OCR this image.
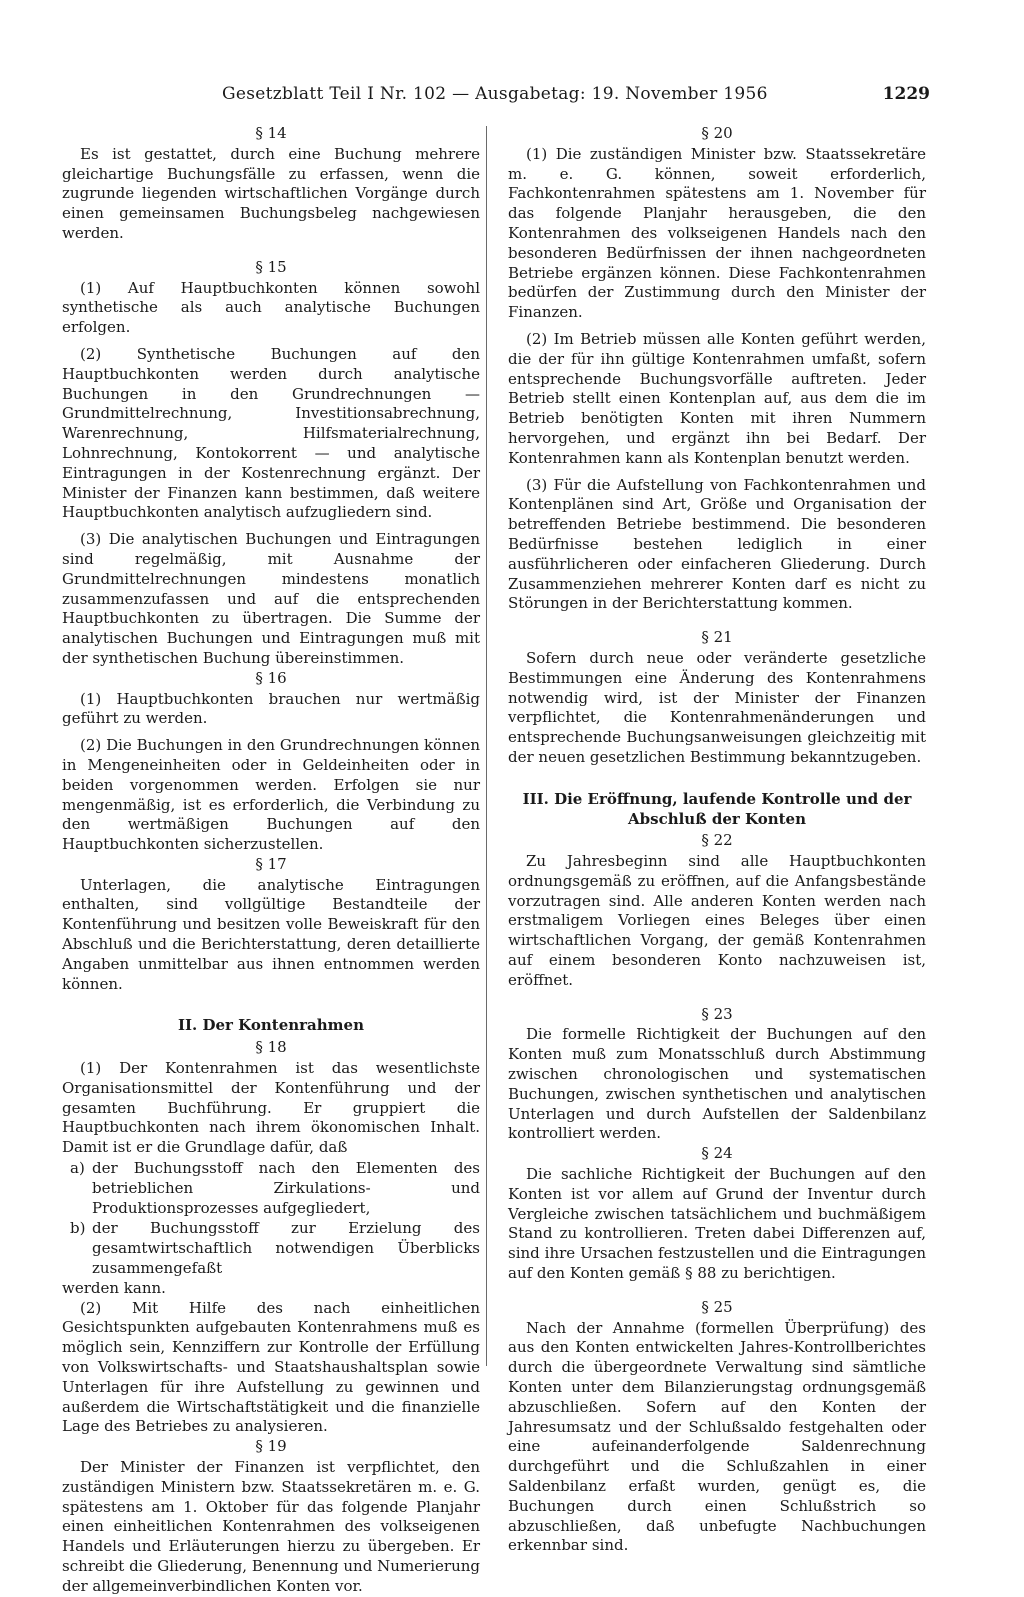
Gesetzblatt Teil I Nr. 102 — Ausgabetag: 19. November 1956	1229
§ 14

Es ist gestattet, durch eine Buchung mehrere gleichartige Buchungsfälle zu erfassen, wenn die zugrunde liegenden wirtschaftlichen Vorgänge durch einen gemeinsamen Buchungsbeleg nachgewiesen werden.

§ 15

(1) Auf Hauptbuchkonten können sowohl synthetische als auch analytische Buchungen erfolgen.

(2) Synthetische Buchungen auf den Hauptbuchkonten werden durch analytische Buchungen in den Grundrechnungen — Grundmittelrechnung, Investitionsabrechnung, Warenrechnung, Hilfsmaterialrechnung, Lohnrechnung, Kontokorrent — und analytische Eintragungen in der Kostenrechnung ergänzt. Der Minister der Finanzen kann bestimmen, daß weitere Hauptbuchkonten analytisch aufzugliedern sind.

(3) Die analytischen Buchungen und Eintragungen sind regelmäßig, mit Ausnahme der Grundmittelrechnungen mindestens monatlich zusammenzufassen und auf die entsprechenden Hauptbuchkonten zu übertragen. Die Summe der analytischen Buchungen und Eintragungen muß mit der synthetischen Buchung übereinstimmen.

§ 16

(1) Hauptbuchkonten brauchen nur wertmäßig geführt zu werden.

(2) Die Buchungen in den Grundrechnungen können in Mengeneinheiten oder in Geldeinheiten oder in beiden vorgenommen werden. Erfolgen sie nur mengenmäßig, ist es erforderlich, die Verbindung zu den wertmäßigen Buchungen auf den Hauptbuchkonten sicherzustellen.

§ 17

Unterlagen, die analytische Eintragungen enthalten, sind vollgültige Bestandteile der Kontenführung und besitzen volle Beweiskraft für den Abschluß und die Berichterstattung, deren detaillierte Angaben unmittelbar aus ihnen entnommen werden können.

II. Der Kontenrahmen
§ 18

(1) Der Kontenrahmen ist das wesentlichste Organisationsmittel der Kontenführung und der gesamten Buchführung. Er gruppiert die Hauptbuchkonten nach ihrem ökonomischen Inhalt. Damit ist er die Grundlage dafür, daß

a) der Buchungsstoff nach den Elementen des betrieblichen Zirkulations- und Produktionsprozesses aufgegliedert,
b) der Buchungsstoff zur Erzielung des gesamtwirtschaftlich notwendigen Überblicks zusammengefaßt
werden kann.

(2) Mit Hilfe des nach einheitlichen Gesichtspunkten aufgebauten Kontenrahmens muß es möglich sein, Kennziffern zur Kontrolle der Erfüllung von Volkswirtschafts- und Staatshaushaltsplan sowie Unterlagen für ihre Aufstellung zu gewinnen und außerdem die Wirtschaftstätigkeit und die finanzielle Lage des Betriebes zu analysieren.

§ 19

Der Minister der Finanzen ist verpflichtet, den zuständigen Ministern bzw. Staatssekretären m. e. G. spätestens am 1. Oktober für das folgende Planjahr einen einheitlichen Kontenrahmen des volkseigenen Handels und Erläuterungen hierzu zu übergeben. Er schreibt die Gliederung, Benennung und Numerierung der allgemeinverbindlichen Konten vor.

§ 20

(1) Die zuständigen Minister bzw. Staatssekretäre m. e. G. können, soweit erforderlich, Fachkontenrahmen spätestens am 1. November für das folgende Planjahr herausgeben, die den Kontenrahmen des volkseigenen Handels nach den besonderen Bedürfnissen der ihnen nachgeordneten Betriebe ergänzen können. Diese Fachkontenrahmen bedürfen der Zustimmung durch den Minister der Finanzen.

(2) Im Betrieb müssen alle Konten geführt werden, die der für ihn gültige Kontenrahmen umfaßt, sofern entsprechende Buchungsvorfälle auftreten. Jeder Betrieb stellt einen Kontenplan auf, aus dem die im Betrieb benötigten Konten mit ihren Nummern hervorgehen, und ergänzt ihn bei Bedarf. Der Kontenrahmen kann als Kontenplan benutzt werden.

(3) Für die Aufstellung von Fachkontenrahmen und Kontenplänen sind Art, Größe und Organisation der betreffenden Betriebe bestimmend. Die besonderen Bedürfnisse bestehen lediglich in einer ausführlicheren oder einfacheren Gliederung. Durch Zusammenziehen mehrerer Konten darf es nicht zu Störungen in der Berichterstattung kommen.

§ 21

Sofern durch neue oder veränderte gesetzliche Bestimmungen eine Änderung des Kontenrahmens notwendig wird, ist der Minister der Finanzen verpflichtet, die Kontenrahmenänderungen und entsprechende Buchungsanweisungen gleichzeitig mit der neuen gesetzlichen Bestimmung bekanntzugeben.

III. Die Eröffnung, laufende Kontrolle und der Abschluß der Konten
§ 22

Zu Jahresbeginn sind alle Hauptbuchkonten ordnungsgemäß zu eröffnen, auf die Anfangsbestände vorzutragen sind. Alle anderen Konten werden nach erstmaligem Vorliegen eines Beleges über einen wirtschaftlichen Vorgang, der gemäß Kontenrahmen auf einem besonderen Konto nachzuweisen ist, eröffnet.

§ 23

Die formelle Richtigkeit der Buchungen auf den Konten muß zum Monatsschluß durch Abstimmung zwischen chronologischen und systematischen Buchungen, zwischen synthetischen und analytischen Unterlagen und durch Aufstellen der Saldenbilanz kontrolliert werden.

§ 24

Die sachliche Richtigkeit der Buchungen auf den Konten ist vor allem auf Grund der Inventur durch Vergleiche zwischen tatsächlichem und buchmäßigem Stand zu kontrollieren. Treten dabei Differenzen auf, sind ihre Ursachen festzustellen und die Eintragungen auf den Konten gemäß § 88 zu berichtigen.

§ 25

Nach der Annahme (formellen Überprüfung) des aus den Konten entwickelten Jahres-Kontrollberichtes durch die übergeordnete Verwaltung sind sämtliche Konten unter dem Bilanzierungstag ordnungsgemäß abzuschließen. Sofern auf den Konten der Jahresumsatz und der Schlußsaldo festgehalten oder eine aufeinanderfolgende Saldenrechnung durchgeführt und die Schlußzahlen in einer Saldenbilanz erfaßt wurden, genügt es, die Buchungen durch einen Schlußstrich so abzuschließen, daß unbefugte Nachbuchungen erkennbar sind.
